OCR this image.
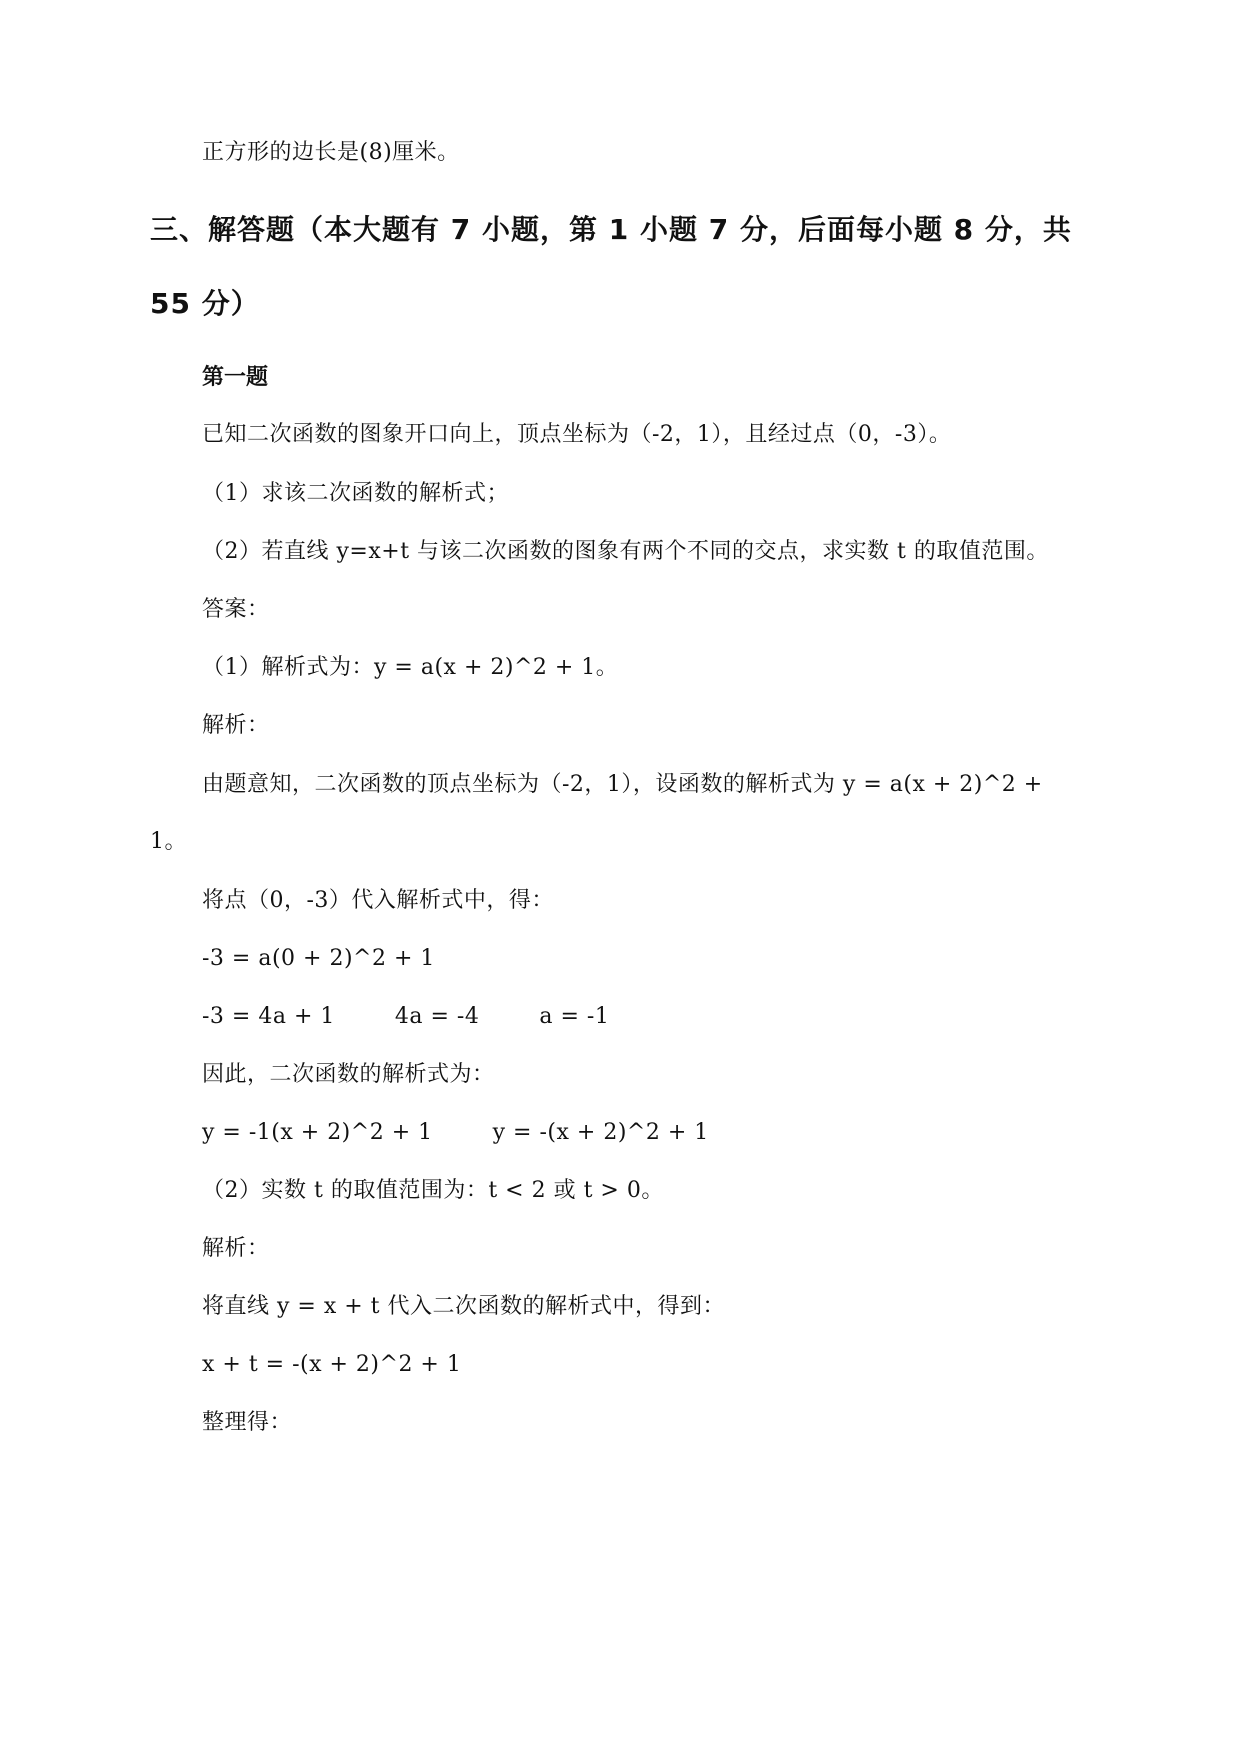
正方形的边长是(8)厘米。
三、解答题（本大题有 7 小题，第 1 小题 7 分，后面每小题 8 分，共
55 分）
第一题
已知二次函数的图象开口向上，顶点坐标为（-2，1），且经过点（0，-3）。
（1）求该二次函数的解析式；
（2）若直线 y=x+t 与该二次函数的图象有两个不同的交点，求实数 t 的取值范围。
答案：
（1）解析式为：y = a(x + 2)^2 + 1。
解析：
由题意知，二次函数的顶点坐标为（-2，1），设函数的解析式为 y = a(x + 2)^2 +
1。
将点（0，-3）代入解析式中，得：
-3 = a(0 + 2)^2 + 1
-3 = 4a + 1	4a = -4	a = -1
因此，二次函数的解析式为：
y = -1(x + 2)^2 + 1	y = -(x + 2)^2 + 1
（2）实数 t 的取值范围为：t < 2 或 t > 0。
解析：
将直线 y = x + t 代入二次函数的解析式中，得到：
x + t = -(x + 2)^2 + 1
整理得：
